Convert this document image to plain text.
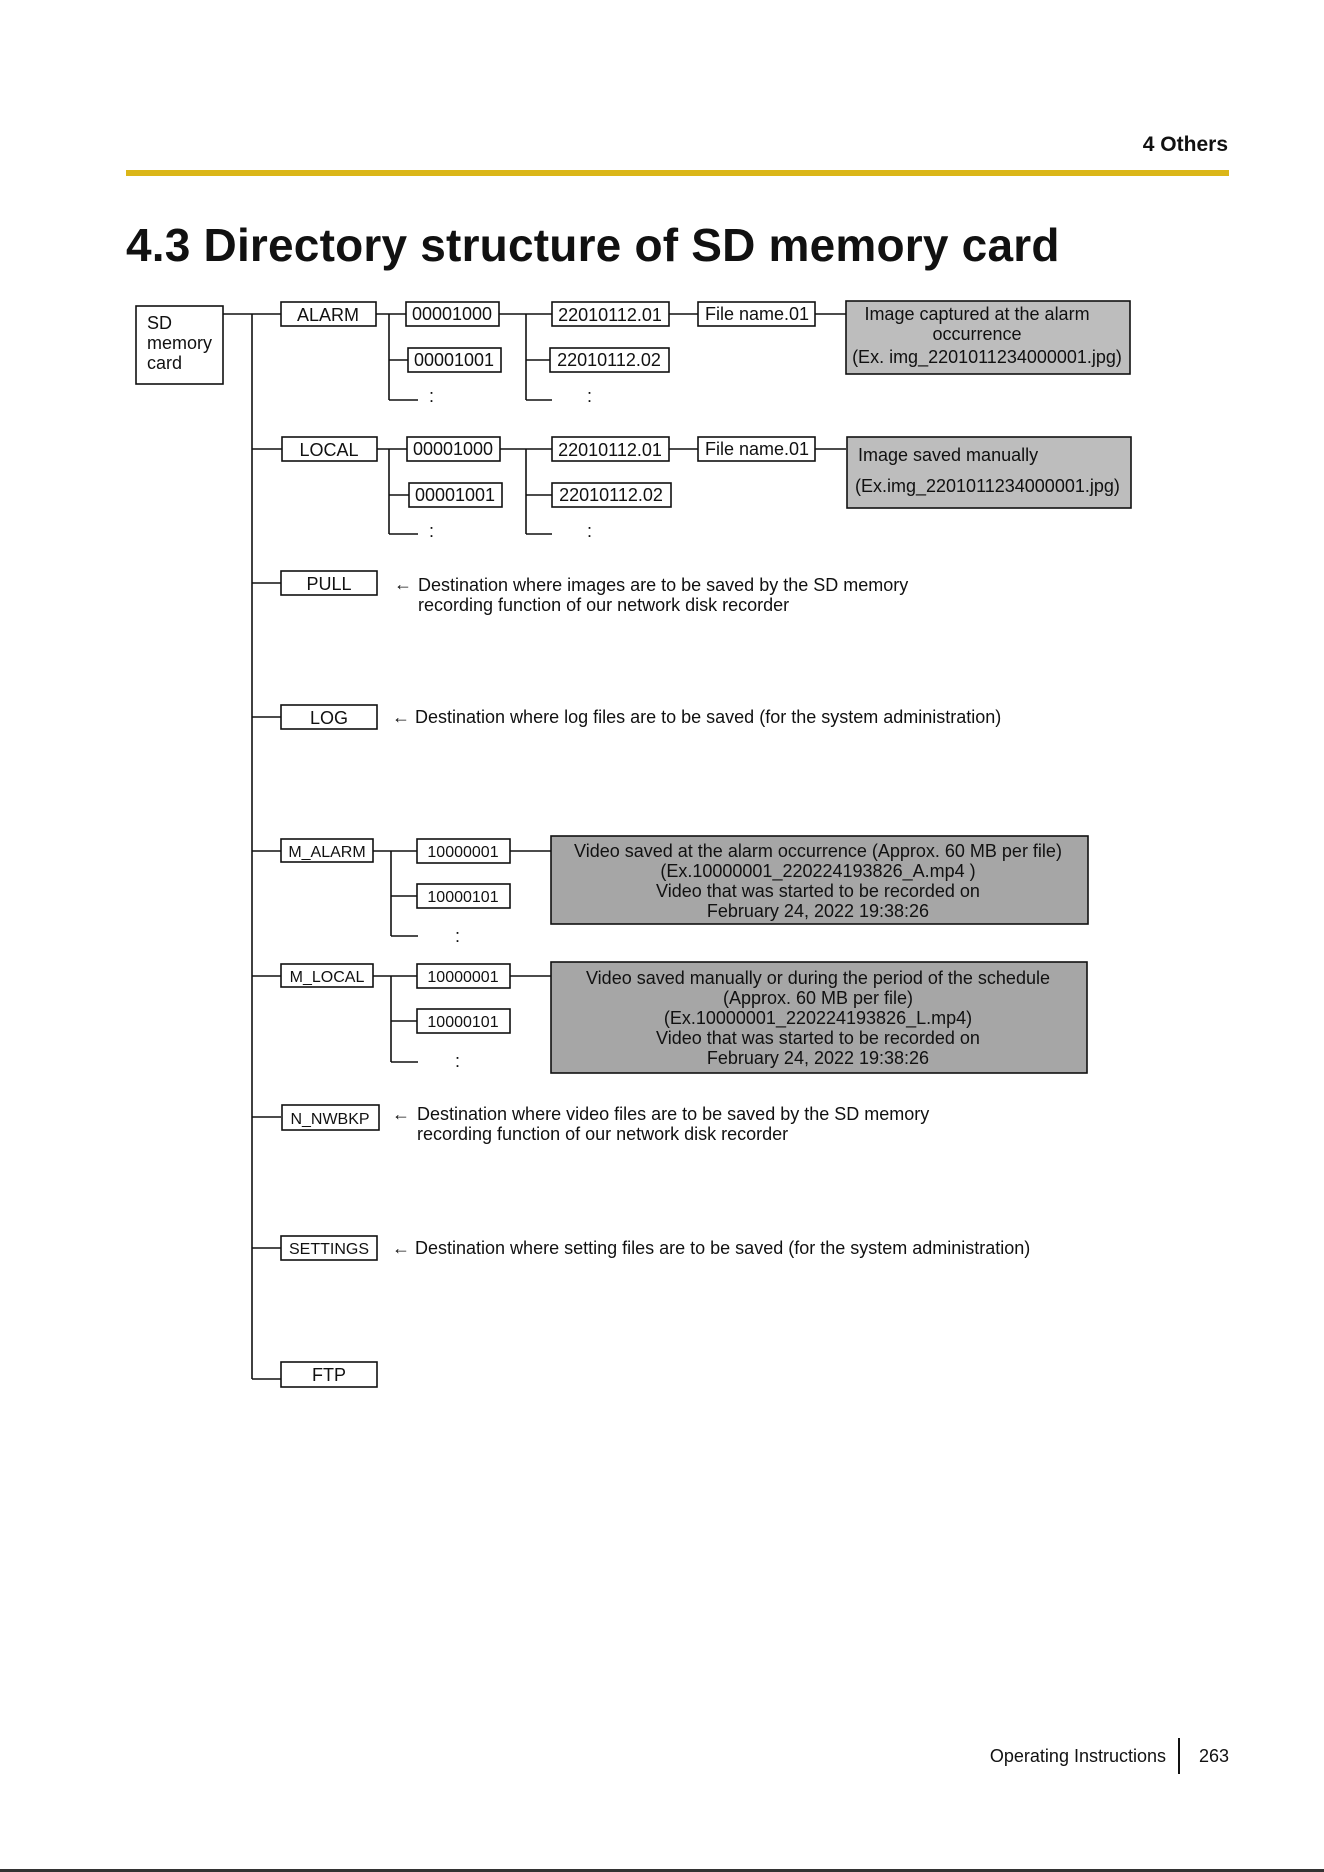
4 Others
4.3 Directory structure of SD memory card
SD
memory
card
ALARM
LOCAL
PULL
LOG
M_ALARM
M_LOCAL
N_NWBKP
SETTINGS
FTP
00001000
00001001
:
22010112.01
22010112.02
:
File name.01
00001000
00001001
:
22010112.01
22010112.02
:
File name.01
10000001
10000101
:
10000001
10000101
:
Image captured at the alarm
occurrence
(Ex. img_2201011234000001.jpg)
Image saved manually
(Ex.img_2201011234000001.jpg)
Video saved at the alarm occurrence (Approx. 60 MB per file)
(Ex.10000001_220224193826_A.mp4 )
Video that was started to be recorded on
February 24, 2022 19:38:26
Video saved manually or during the period of the schedule
(Approx. 60 MB per file)
(Ex.10000001_220224193826_L.mp4)
Video that was started to be recorded on
February 24, 2022 19:38:26
← Destination where images are to be saved by the SD memory
recording function of our network disk recorder
← Destination where log files are to be saved (for the system administration)
← Destination where video files are to be saved by the SD memory
recording function of our network disk recorder
← Destination where setting files are to be saved (for the system administration)
Operating Instructions 263
